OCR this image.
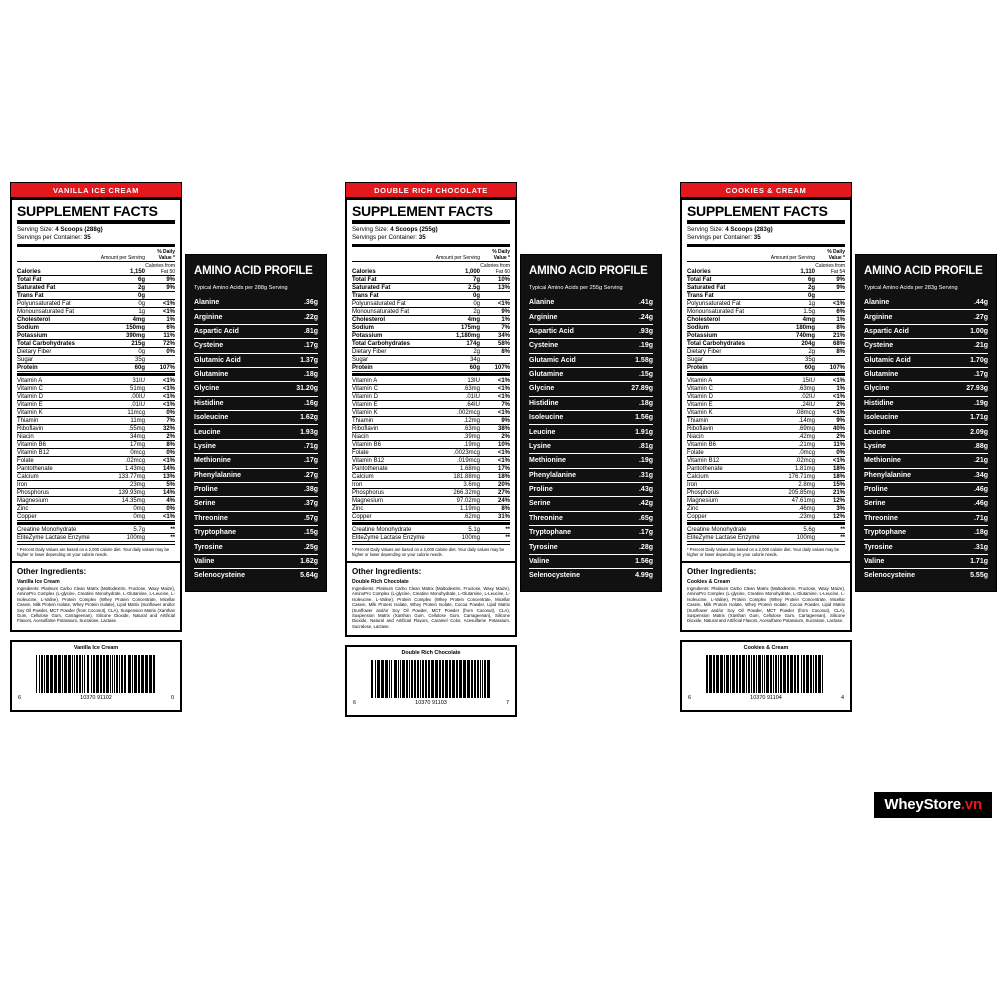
VANILLA ICE CREAM
SUPPLEMENT FACTS
Serving Size: 4 Scoops (288g)
Servings per Container: 35
	Amount per Serving	% Daily Value *
Calories	1,150	Calories from Fat 50
Total Fat	6g	9%
Saturated Fat	2g	9%
Trans Fat	0g	
Polyunsaturated Fat	0g	<1%
Monounsaturated Fat	1g	<1%
Cholesterol	4mg	1%
Sodium	150mg	6%
Potassium	390mg	11%
Total Carbohydrates	215g	72%
Dietary Fiber	0g	0%
Sugar	35g	
Protein	60g	107%
Vitamin A	31IU	<1%
Vitamin C	51mg	<1%
Vitamin D	.00IU	<1%
Vitamin E	.01IU	<1%
Vitamin K	11mcg	0%
Thiamin	11mg	7%
Riboflavin	.55mg	32%
Niacin	34mg	2%
Vitamin B6	17mg	8%
Vitamin B12	0mcg	0%
Folate	.02mcg	<1%
Pantothenate	1.43mg	14%
Calcium	133.77mg	13%
Iron	23mg	5%
Phosphorus	139.93mg	14%
Magnesium	14.35mg	4%
Zinc	0mg	0%
Copper	0mg	<1%
Creatine Monohydrate	5.7g	**
EliteZyme Lactase Enzyme	100mg	**
* Percent Daily Values are based on a 2,000 calorie diet. Your daily values may be higher or lower depending on your calorie needs.
Other Ingredients:
Vanilla Ice Cream
Ingredients: Platinum Carbo Clean Matrix (Maltodextrin, Fructose, Waxy Maize), AminoPro Complex (L-glycine, Creatine Monohydrate, L-Glutamine, L-Leucine, L-Isoleucine, L-Valine), Protein Complex (Whey Protein Concentrate, Micellar Casein, Milk Protein Isolate, Whey Protein Isolate), Lipid Matrix (Sunflower and/or Soy Oil Powder, MCT Powder (from Coconut), CLA), Suspension Matrix (Xanthan Gum, Cellulose Gum, Carrageenan), Silicone Dioxide, Natural and Artificial Flavors, Acesulfame Potassium, Sucralose, Lactase.
Vanilla Ice Cream
6	10370 91102	0
AMINO ACID PROFILE
Typical Amino Acids per 288g Serving
Alanine	.36g
Arginine	.22g
Aspartic Acid	.81g
Cysteine	.17g
Glutamic Acid	1.37g
Glutamine	.18g
Glycine	31.20g
Histidine	.16g
Isoleucine	1.62g
Leucine	1.93g
Lysine	.71g
Methionine	.17g
Phenylalanine	.27g
Proline	.38g
Serine	.37g
Threonine	.57g
Tryptophane	.15g
Tyrosine	.25g
Valine	1.62g
Selenocysteine	5.64g
DOUBLE RICH CHOCOLATE
SUPPLEMENT FACTS
Serving Size: 4 Scoops (255g)
Servings per Container: 35
	Amount per Serving	% Daily Value *
Calories	1,000	Calories from Fat 60
Total Fat	7g	10%
Saturated Fat	2.5g	13%
Trans Fat	0g	
Polyunsaturated Fat	0g	<1%
Monounsaturated Fat	2g	9%
Cholesterol	4mg	1%
Sodium	175mg	7%
Potassium	1,180mg	34%
Total Carbohydrates	174g	58%
Dietary Fiber	2g	8%
Sugar	34g	
Protein	60g	107%
Vitamin A	13IU	<1%
Vitamin C	.63mg	<1%
Vitamin D	.01IU	<1%
Vitamin E	.64IU	7%
Vitamin K	.002mcg	<1%
Thiamin	.12mg	9%
Riboflavin	.63mg	38%
Niacin	.39mg	2%
Vitamin B6	.19mg	10%
Folate	.0023mcg	<1%
Vitamin B12	.019mcg	<1%
Pantothenate	1.68mg	17%
Calcium	181.88mg	18%
Iron	3.6mg	20%
Phosphorus	266.32mg	27%
Magnesium	97.02mg	24%
Zinc	1.19mg	8%
Copper	.62mg	31%
Creatine Monohydrate	5.1g	**
EliteZyme Lactase Enzyme	100mg	**
* Percent Daily Values are based on a 2,000 calorie diet. Your daily values may be higher or lower depending on your calorie needs.
Other Ingredients:
Double Rich Chocolate
Ingredients: Platinum Carbo Clean Matrix (Maltodextrin, Fructose, Waxy Maize), AminoPro Complex (L-glycine, Creatine Monohydrate, L-Glutamine, L-Leucine, L-Isoleucine, L-Valine), Protein Complex (Whey Protein Concentrate, Micellar Casein, Milk Protein Isolate, Whey Protein Isolate, Cocoa Powder, Lipid Matrix (Sunflower and/or Soy Oil Powder, MCT Powder (from Coconut), CLA), Suspension Matrix (Xanthan Gum, Cellulose Gum, Carrageenan), Silicone Dioxide, Natural and Artificial Flavors, Caramel Color, Acesulfame Potassium, Sucralose, Lactase.
Double Rich Chocolate
6	10370 91103	7
AMINO ACID PROFILE
Typical Amino Acids per 255g Serving
Alanine	.41g
Arginine	.24g
Aspartic Acid	.93g
Cysteine	.19g
Glutamic Acid	1.58g
Glutamine	.15g
Glycine	27.89g
Histidine	.18g
Isoleucine	1.56g
Leucine	1.91g
Lysine	.81g
Methionine	.19g
Phenylalanine	.31g
Proline	.43g
Serine	.42g
Threonine	.65g
Tryptophane	.17g
Tyrosine	.28g
Valine	1.56g
Selenocysteine	4.99g
COOKIES & CREAM
SUPPLEMENT FACTS
Serving Size: 4 Scoops (283g)
Servings per Container: 35
	Amount per Serving	% Daily Value *
Calories	1,110	Calories from Fat 54
Total Fat	6g	9%
Saturated Fat	2g	9%
Trans Fat	0g	
Polyunsaturated Fat	1g	<1%
Monounsaturated Fat	1.5g	6%
Cholesterol	4mg	1%
Sodium	180mg	8%
Potassium	740mg	21%
Total Carbohydrates	204g	68%
Dietary Fiber	2g	8%
Sugar	35g	
Protein	60g	107%
Vitamin A	15IU	<1%
Vitamin C	.63mg	1%
Vitamin D	.02IU	<1%
Vitamin E	.24IU	2%
Vitamin K	.08mcg	<1%
Thiamin	.14mg	9%
Riboflavin	.69mg	40%
Niacin	.42mg	2%
Vitamin B6	.21mg	11%
Folate	.0mcg	0%
Vitamin B12	.02mcg	<1%
Pantothenate	1.81mg	18%
Calcium	176.71mg	18%
Iron	2.8mg	15%
Phosphorus	205.85mg	21%
Magnesium	47.61mg	12%
Zinc	.46mg	3%
Copper	.23mg	12%
Creatine Monohydrate	5.6g	**
EliteZyme Lactase Enzyme	100mg	**
* Percent Daily Values are based on a 2,000 calorie diet. Your daily values may be higher or lower depending on your calorie needs.
Other Ingredients:
Cookies & Cream
Ingredients: Platinum Carbo Clean Matrix (Maltodextrin, Fructose, Waxy Maize), AminoPro Complex (L-glycine, Creatine Monohydrate, L-Glutamine, L-Leucine, L-Isoleucine, L-Valine), Protein Complex (Whey Protein Concentrate, Micellar Casein, Milk Protein Isolate, Whey Protein Isolate, Cocoa Powder, Lipid Matrix (Sunflower and/or Soy Oil Powder, MCT Powder (from Coconut), CLA), Suspension Matrix (Xanthan Gum, Cellulose Gum, Carrageenan), Silicone Dioxide, Natural and Artificial Flavors, Acesulfame Potassium, Sucralose, Lactase.
Cookies & Cream
6	10370 91104	4
AMINO ACID PROFILE
Typical Amino Acids per 283g Serving
Alanine	.44g
Arginine	.27g
Aspartic Acid	1.00g
Cysteine	.21g
Glutamic Acid	1.70g
Glutamine	.17g
Glycine	27.93g
Histidine	.19g
Isoleucine	1.71g
Leucine	2.09g
Lysine	.88g
Methionine	.21g
Phenylalanine	.34g
Proline	.46g
Serine	.46g
Threonine	.71g
Tryptophane	.18g
Tyrosine	.31g
Valine	1.71g
Selenocysteine	5.55g
WheyStore.vn
